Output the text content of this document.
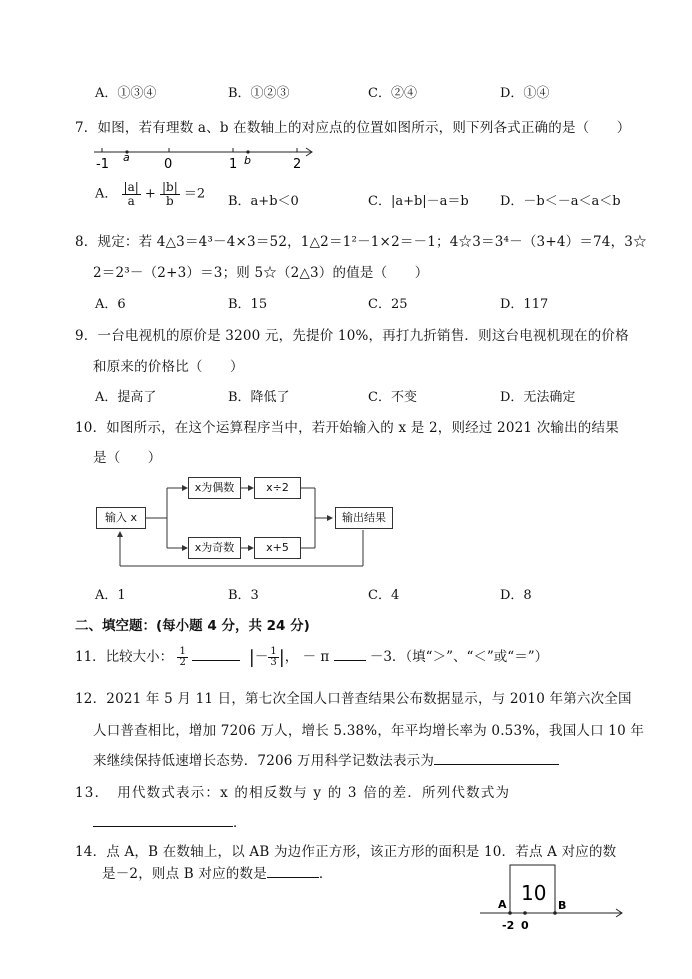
A．①③④	B．①②③	C．②④	D．①④
7．如图，若有理数 a、b 在数轴上的对应点的位置如图所示，则下列各式正确的是（　　）
-1 a	0	1 b	2
A． $\frac{|a|}{a} + \frac{|b|}{b} =2$ B．a+b＜0	C．|a+b|－a＝b D．－b＜－a＜a＜b
8．规定：若 4△3＝4³－4×3＝52，1△2＝1²－1×2＝－1；4☆3＝3⁴－（3+4）＝74，3☆
2＝2³－（2+3）＝3；则 5☆（2△3）的值是（　　）
A．6	B．15	C．25	D．117
9．一台电视机的原价是 3200 元，先提价 10%，再打九折销售．则这台电视机现在的价格
和原来的价格比（　　）
A．提高了	B．降低了	C．不变	D．无法确定
10．如图所示，在这个运算程序当中，若开始输入的 x 是 2，则经过 2021 次输出的结果
是（　　）
输入 x
x为偶数	x÷2
x为奇数	x+5
输出结果
A．1	B．3	C．4	D．8
二、填空题：(每小题 4 分，共 24 分)
11．比较大小： $\frac{1}{2}$	|－ $\frac{1}{3}$ |， － π	－3．（填“＞”、“＜”或“＝”）
12．2021 年 5 月 11 日，第七次全国人口普查结果公布数据显示，与 2010 年第六次全国
人口普查相比，增加 7206 万人，增长 5.38%，年平均增长率为 0.53%，我国人口 10 年
来继续保持低速增长态势．7206 万用科学记数法表示为
13．　用代数式表示：x 的相反数与 y 的 3 倍的差．所列代数式为
．
14．点 A，B 在数轴上，以 AB 为边作正方形，该正方形的面积是 10．若点 A 对应的数
是－2，则点 B 对应的数是	．
10
A	B
-2 0
